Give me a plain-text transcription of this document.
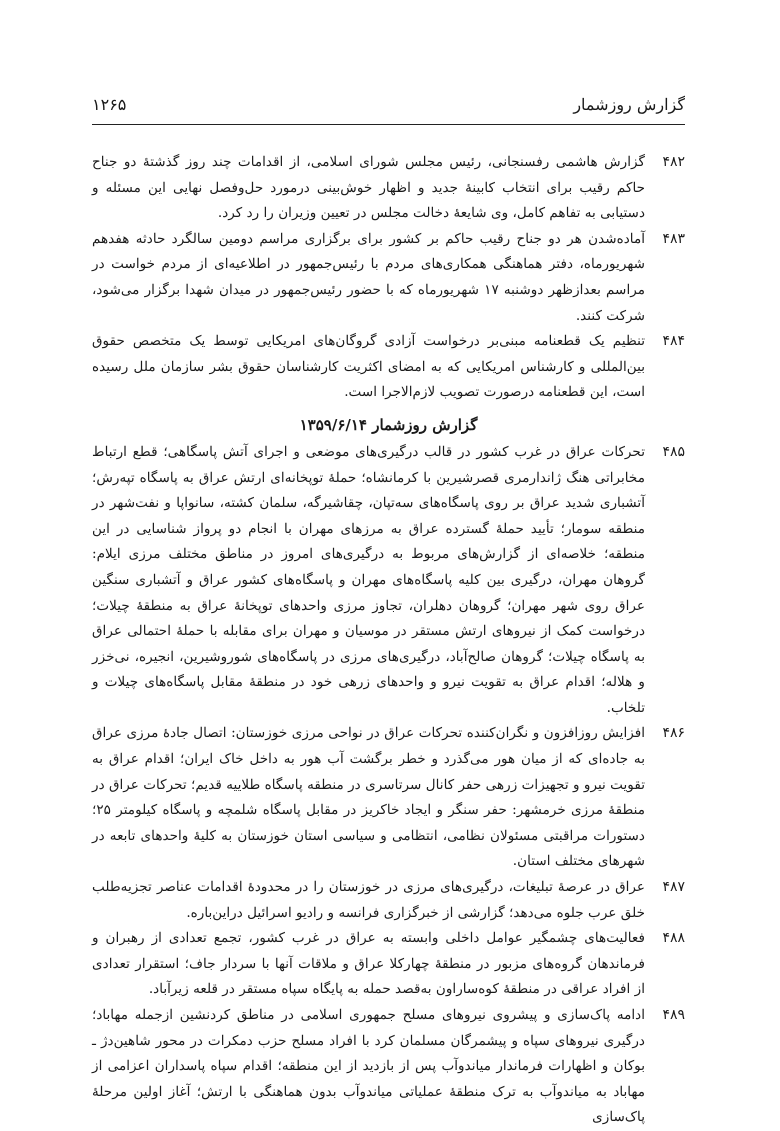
گزارش روزشمار
۱۲۶۵
۴۸۲
گزارش هاشمی رفسنجانی، رئیس مجلس شورای اسلامی، از اقدامات چند روز گذشتهٔ دو جناح حاکم رقیب برای انتخاب کابینهٔ جدید و اظهار خوش‌بینی درمورد حل‌وفصل نهایی این مسئله و دستیابی به تفاهم کامل، وی شایعهٔ دخالت مجلس در تعیین وزیران را رد کرد.
۴۸۳
آماده‌شدن هر دو جناح رقیب حاکم بر کشور برای برگزاری مراسم دومین سالگرد حادثه هفدهم شهریورماه، دفتر هماهنگی همکاری‌های مردم با رئیس‌جمهور در اطلاعیه‌ای از مردم خواست در مراسم بعدازظهر دوشنبه ۱۷ شهریورماه که با حضور رئیس‌جمهور در میدان شهدا برگزار می‌شود، شرکت کنند.
۴۸۴
تنظیم یک قطعنامه مبنی‌بر درخواست آزادی گروگان‌های امریکایی توسط یک متخصص حقوق بین‌المللی و کارشناس امریکایی که به امضای اکثریت کارشناسان حقوق بشر سازمان ملل رسیده است، این قطعنامه درصورت تصویب لازم‌الاجرا است.
گزارش روزشمار ۱۳۵۹/۶/۱۴
۴۸۵
تحرکات عراق در غرب کشور در قالب درگیری‌های موضعی و اجرای آتش پاسگاهی؛ قطع ارتباط مخابراتی هنگ ژاندارمری قصرشیرین با کرمانشاه؛ حملهٔ توپخانه‌ای ارتش عراق به پاسگاه تپه‌رش؛ آتشباری شدید عراق بر روی پاسگاه‌های سه‌تپان، چقاشیرگه، سلمان کشته، سانواپا و نفت‌شهر در منطقه سومار؛ تأیید حملهٔ گسترده عراق به مرزهای مهران با انجام دو پرواز شناسایی در این منطقه؛ خلاصه‌ای از گزارش‌های مربوط به درگیری‌های امروز در مناطق مختلف مرزی ایلام: گروهان مهران، درگیری بین کلیه پاسگاه‌های مهران و پاسگاه‌های کشور عراق و آتشباری سنگین عراق روی شهر مهران؛ گروهان دهلران، تجاوز مرزی واحدهای توپخانهٔ عراق به منطقهٔ چیلات؛ درخواست کمک از نیروهای ارتش مستقر در موسیان و مهران برای مقابله با حملهٔ احتمالی عراق به پاسگاه چیلات؛ گروهان صالح‌آباد، درگیری‌های مرزی در پاسگاه‌های شوروشیرین، انجیره، نی‌خزر و هلاله؛ اقدام عراق به تقویت نیرو و واحدهای زرهی خود در منطقهٔ مقابل پاسگاه‌های چیلات و تلخاب.
۴۸۶
افزایش روزافزون و نگران‌کننده تحرکات عراق در نواحی مرزی خوزستان: اتصال جادهٔ مرزی عراق به جاده‌ای که از میان هور می‌گذرد و خطر برگشت آب هور به داخل خاک ایران؛ اقدام عراق به تقویت نیرو و تجهیزات زرهی حفر کانال سرتاسری در منطقه پاسگاه طلاییه قدیم؛ تحرکات عراق در منطقهٔ مرزی خرمشهر: حفر سنگر و ایجاد خاکریز در مقابل پاسگاه شلمچه و پاسگاه کیلومتر ۲۵؛ دستورات مراقبتی مسئولان نظامی، انتظامی و سیاسی استان خوزستان به کلیهٔ واحدهای تابعه در شهرهای مختلف استان.
۴۸۷
عراق در عرصهٔ تبلیغات، درگیری‌های مرزی در خوزستان را در محدودهٔ اقدامات عناصر تجزیه‌طلب خلق عرب جلوه می‌دهد؛ گزارشی از خبرگزاری فرانسه و رادیو اسرائیل دراین‌باره.
۴۸۸
فعالیت‌های چشمگیر عوامل داخلی وابسته به عراق در غرب کشور، تجمع تعدادی از رهبران و فرماندهان گروه‌های مزبور در منطقهٔ چهارکلا عراق و ملاقات آنها با سردار جاف؛ استقرار تعدادی از افراد عراقی در منطقهٔ کوه‌ساراون به‌قصد حمله به پایگاه سپاه مستقر در قلعه زیرآباد.
۴۸۹
ادامه پاک‌سازی و پیشروی نیروهای مسلح جمهوری اسلامی در مناطق کردنشین ازجمله مهاباد؛ درگیری نیروهای سپاه و پیشمرگان مسلمان کرد با افراد مسلح حزب دمکرات در محور شاهین‌دژ ـ بوکان و اظهارات فرماندار میاندوآب پس از بازدید از این منطقه؛ اقدام سپاه پاسداران اعزامی از مهاباد به میاندوآب به ترک منطقهٔ عملیاتی میاندوآب بدون هماهنگی با ارتش؛ آغاز اولین مرحلهٔ پاک‌سازی
